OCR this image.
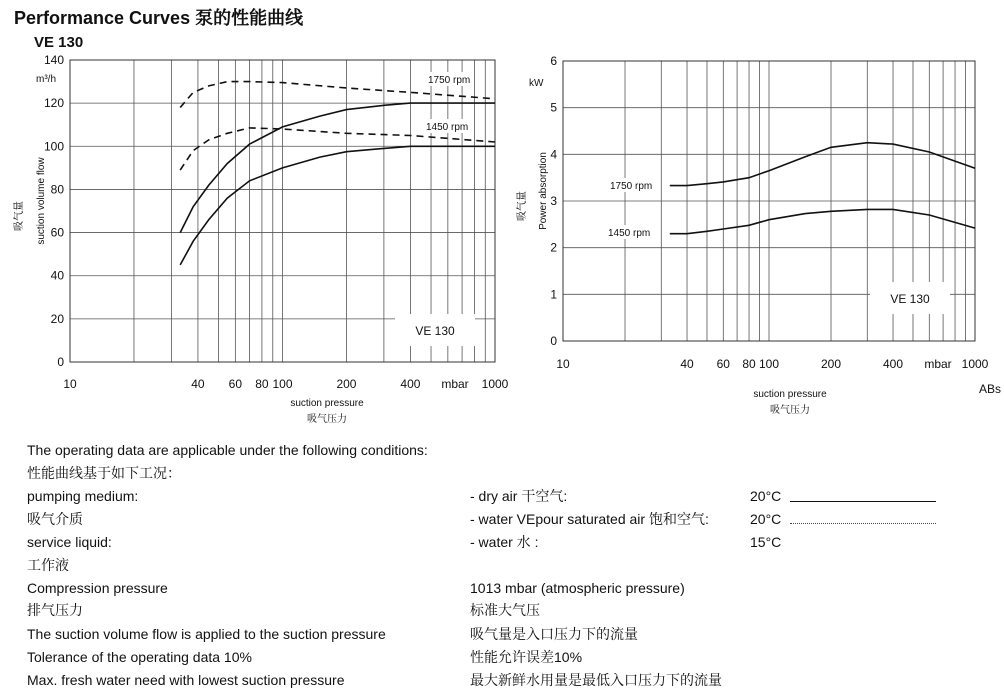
Performance Curves 泵的性能曲线
VE 130
0
20
40
60
80
100
120
140
10	40 60 80 100	200	400	1000
mbar
m³/h
suction volume flow
吸气量
suction pressure
吸气压力
VE 130
1750 rpm
1450 rpm
0
1
2
3
4
5
6
10	40 60 80 100	200	400	1000
mbar
kW
Power absorption
吸气量
suction pressure
吸气压力
ABs
VE 130
1750 rpm
1450 rpm
The operating data are applicable under the following conditions:
性能曲线基于如下工况：
pumping medium:	- dry air 干空气:	20°C
吸气介质	- water VEpour saturated air 饱和空气:	20°C
service liquid:	- water 水 :	15°C
工作液
Compression pressure	1013 mbar (atmospheric pressure)
排气压力	标准大气压
The suction volume flow is applied to the suction pressure	吸气量是入口压力下的流量
Tolerance of the operating data 10%	性能允许误差10%
Max. fresh water need with lowest suction pressure	最大新鲜水用量是最低入口压力下的流量
